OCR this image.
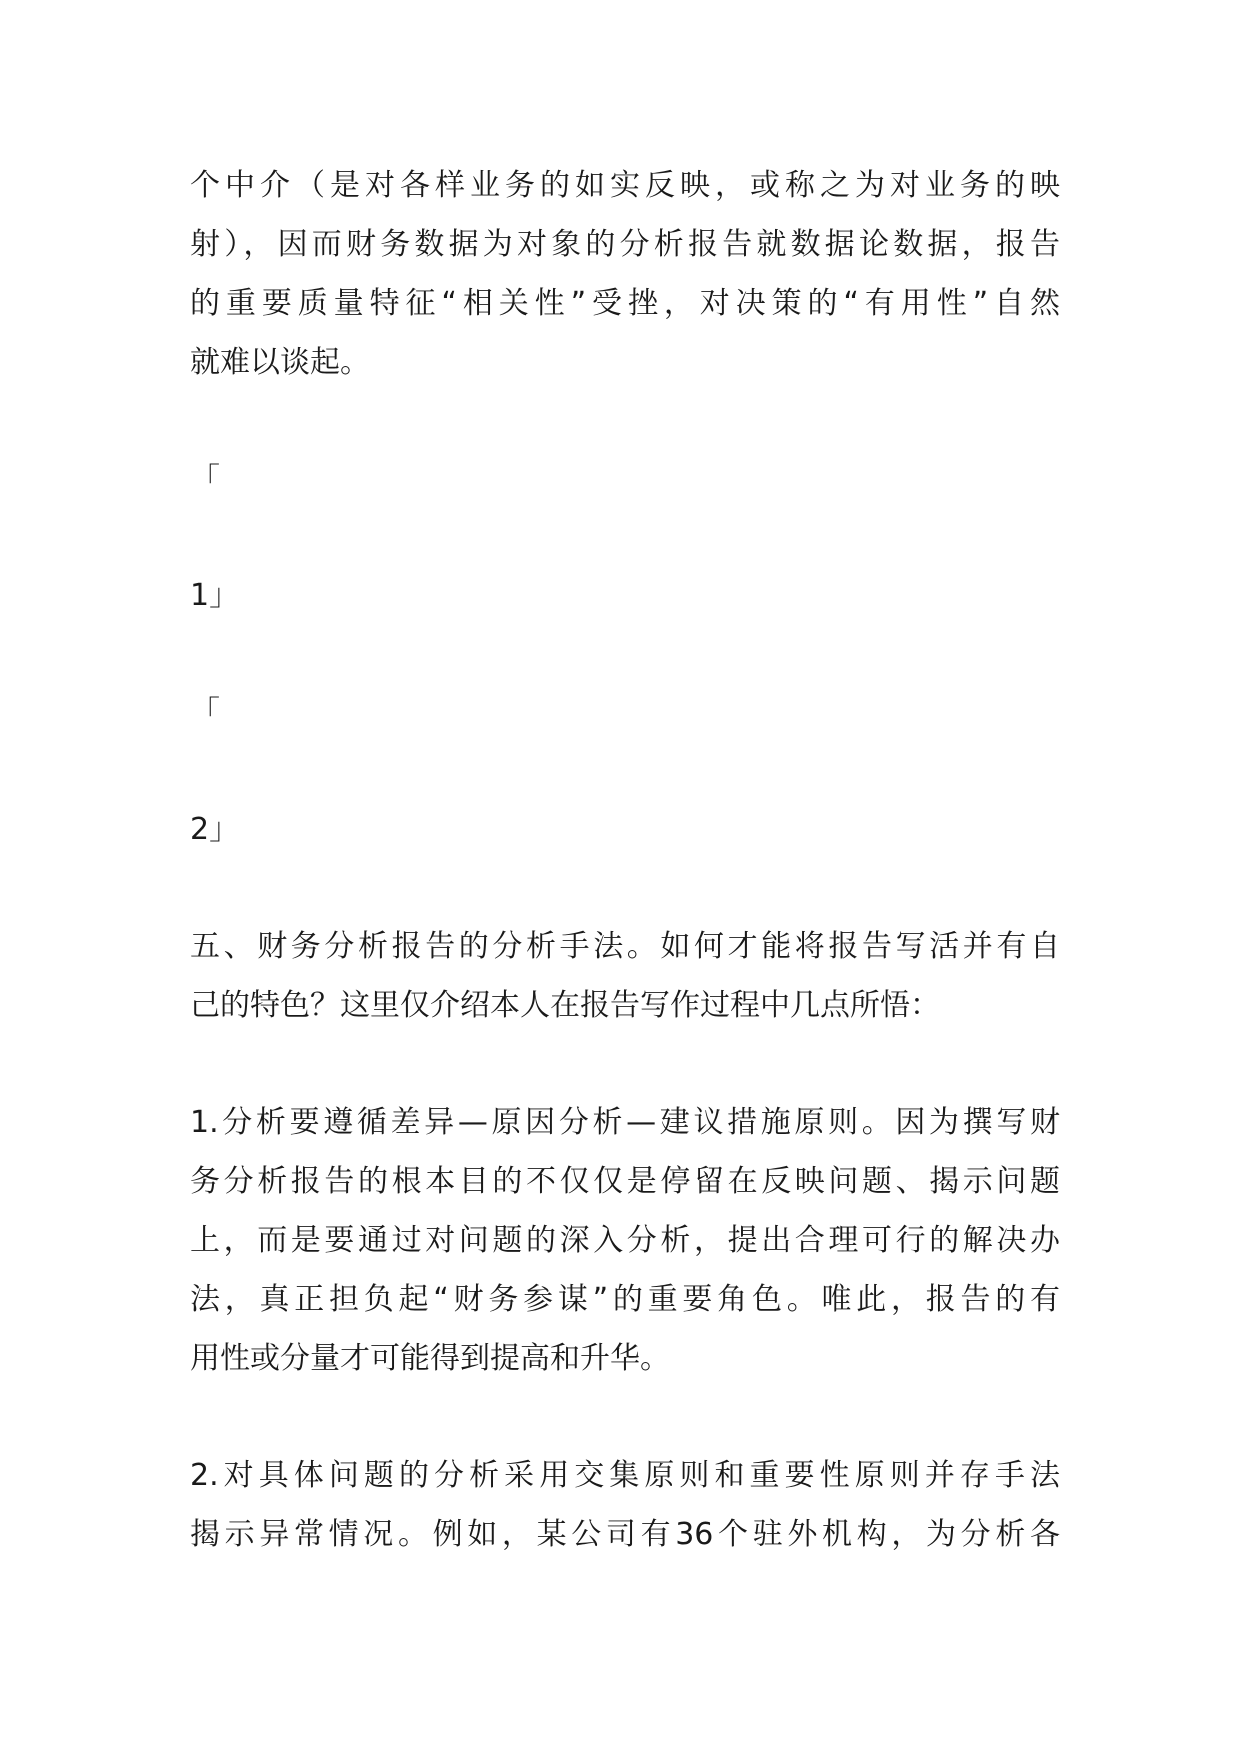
个中介（是对各样业务的如实反映，或称之为对业务的映
射），因而财务数据为对象的分析报告就数据论数据，报告
的重要质量特征“相关性”受挫，对决策的“有用性”自然
就难以谈起。
「
1」
「
2」
五、财务分析报告的分析手法。如何才能将报告写活并有自
己的特色？这里仅介绍本人在报告写作过程中几点所悟：
1.分析要遵循差异—原因分析—建议措施原则。因为撰写财
务分析报告的根本目的不仅仅是停留在反映问题、揭示问题
上，而是要通过对问题的深入分析，提出合理可行的解决办
法，真正担负起“财务参谋”的重要角色。唯此，报告的有
用性或分量才可能得到提高和升华。
2.对具体问题的分析采用交集原则和重要性原则并存手法
揭示异常情况。例如，某公司有36个驻外机构，为分析各
